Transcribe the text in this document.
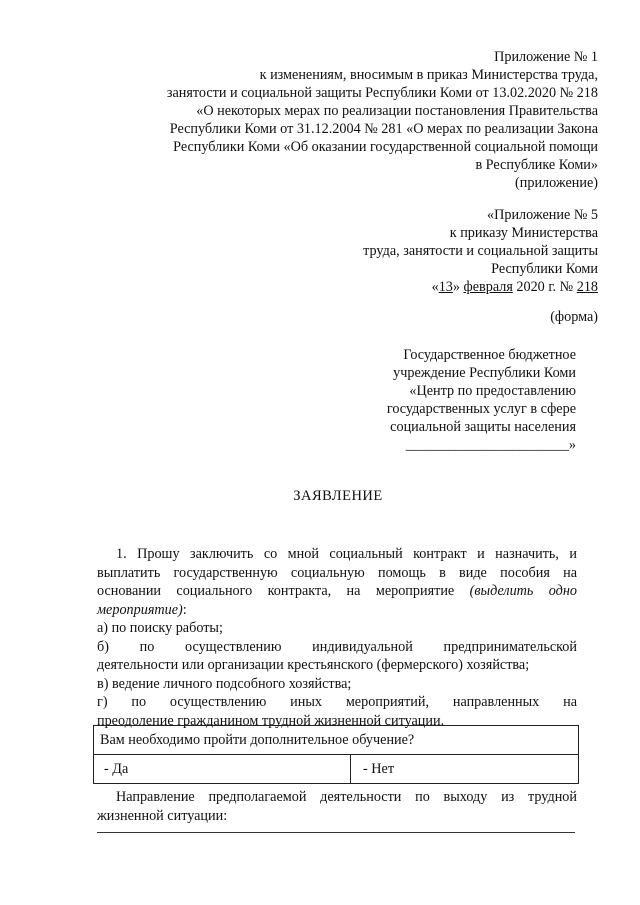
Приложение № 1
к изменениям, вносимым в приказ Министерства труда,
занятости и социальной защиты Республики Коми от 13.02.2020 № 218
«О некоторых мерах по реализации постановления Правительства
Республики Коми от 31.12.2004 № 281 «О мерах по реализации Закона
Республики Коми «Об оказании государственной социальной помощи
в Республике Коми»
(приложение)
«Приложение № 5
к приказу Министерства
труда, занятости и социальной защиты
Республики Коми
«13» февраля 2020 г. № 218
(форма)
Государственное бюджетное
учреждение Республики Коми
«Центр по предоставлению
государственных услуг в сфере
социальной защиты населения
_______________________»
ЗАЯВЛЕНИЕ
1. Прошу заключить со мной социальный контракт и назначить, и
выплатить государственную социальную помощь в виде пособия на
основании социального контракта, на мероприятие (выделить одно
мероприятие):
а) по поиску работы;
б) по осуществлению индивидуальной предпринимательской
деятельности или организации крестьянского (фермерского) хозяйства;
в) ведение личного подсобного хозяйства;
г) по осуществлению иных мероприятий, направленных на
преодоление гражданином трудной жизненной ситуации.
Вам необходимо пройти дополнительное обучение?
- Да	- Нет
Направление предполагаемой деятельности по выходу из трудной
жизненной ситуации:
